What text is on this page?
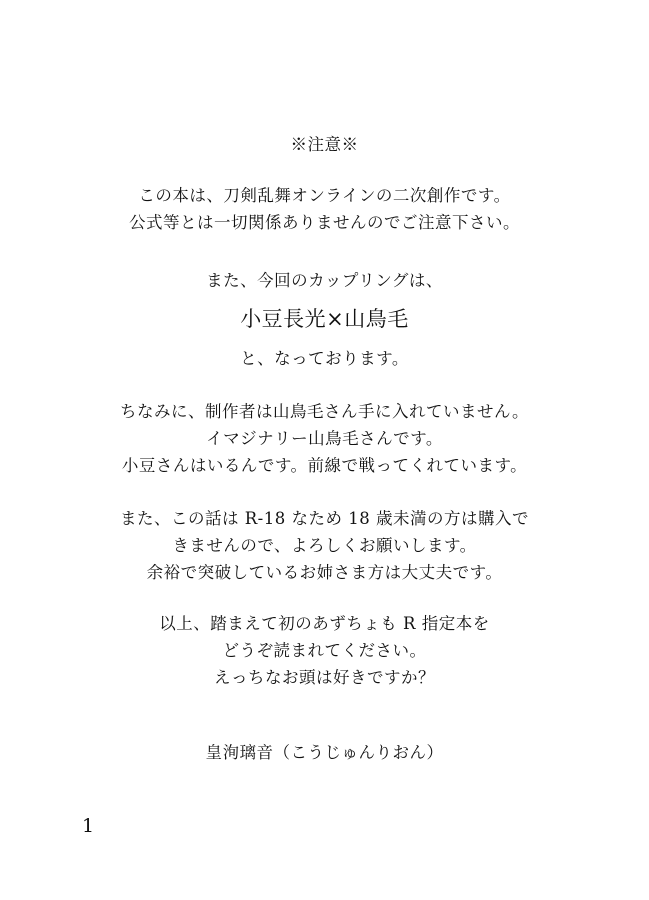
※注意※
この本は、刀剣乱舞オンラインの二次創作です。
公式等とは一切関係ありませんのでご注意下さい。
また、今回のカップリングは、
小豆長光×山鳥毛
と、なっております。
ちなみに、制作者は山鳥毛さん手に入れていません。
イマジナリー山鳥毛さんです。
小豆さんはいるんです。前線で戦ってくれています。
また、この話は R-18 なため 18 歳未満の方は購入で
きませんので、よろしくお願いします。
余裕で突破しているお姉さま方は大丈夫です。
以上、踏まえて初のあずちょも R 指定本を
どうぞ読まれてください。
えっちなお頭は好きですか？
皇洵璃音（こうじゅんりおん）
1
